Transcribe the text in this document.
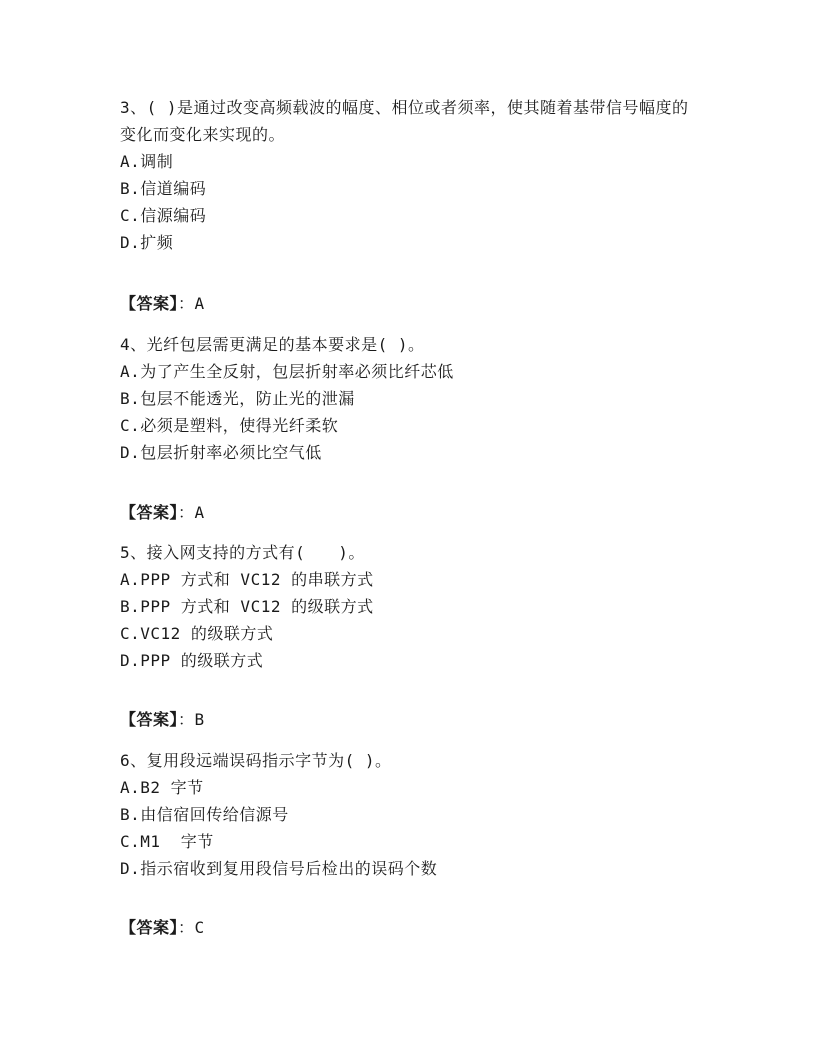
3、( )是通过改变高频载波的幅度、相位或者须率，使其随着基带信号幅度的变化而变化来实现的。

A.调制

B.信道编码

C.信源编码

D.扩频

【答案】：A

4、光纤包层需更满足的基本要求是( )。

A.为了产生全反射，包层折射率必须比纤芯低

B.包层不能透光，防止光的泄漏

C.必须是塑料，使得光纤柔软

D.包层折射率必须比空气低

【答案】：A

5、接入网支持的方式有(　　)。

A.PPP 方式和 VC12 的串联方式

B.PPP 方式和 VC12 的级联方式

C.VC12 的级联方式

D.PPP 的级联方式

【答案】：B

6、复用段远端误码指示字节为( )。

A.B2 字节

B.由信宿回传给信源号

C.M1  字节

D.指示宿收到复用段信号后检出的误码个数

【答案】：C
